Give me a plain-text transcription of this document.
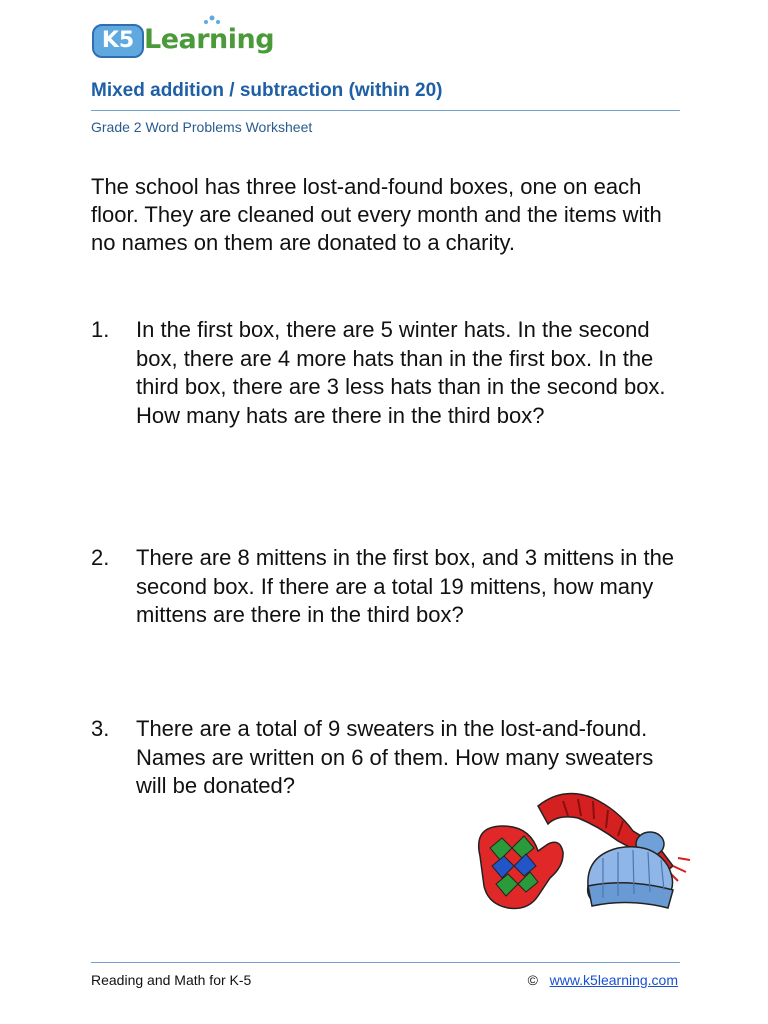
K5 Learning
Mixed addition / subtraction (within 20)
Grade 2 Word Problems Worksheet

The school has three lost-and-found boxes, one on each floor. They are cleaned out every month and the items with no names on them are donated to a charity.

1. In the first box, there are 5 winter hats. In the second box, there are 4 more hats than in the first box. In the third box, there are 3 less hats than in the second box. How many hats are there in the third box?
2. There are 8 mittens in the first box, and 3 mittens in the second box. If there are a total 19 mittens, how many mittens are there in the third box?
3. There are a total of 9 sweaters in the lost-and-found. Names are written on 6 of them. How many sweaters will be donated?
Reading and Math for K-5	© www.k5learning.com
